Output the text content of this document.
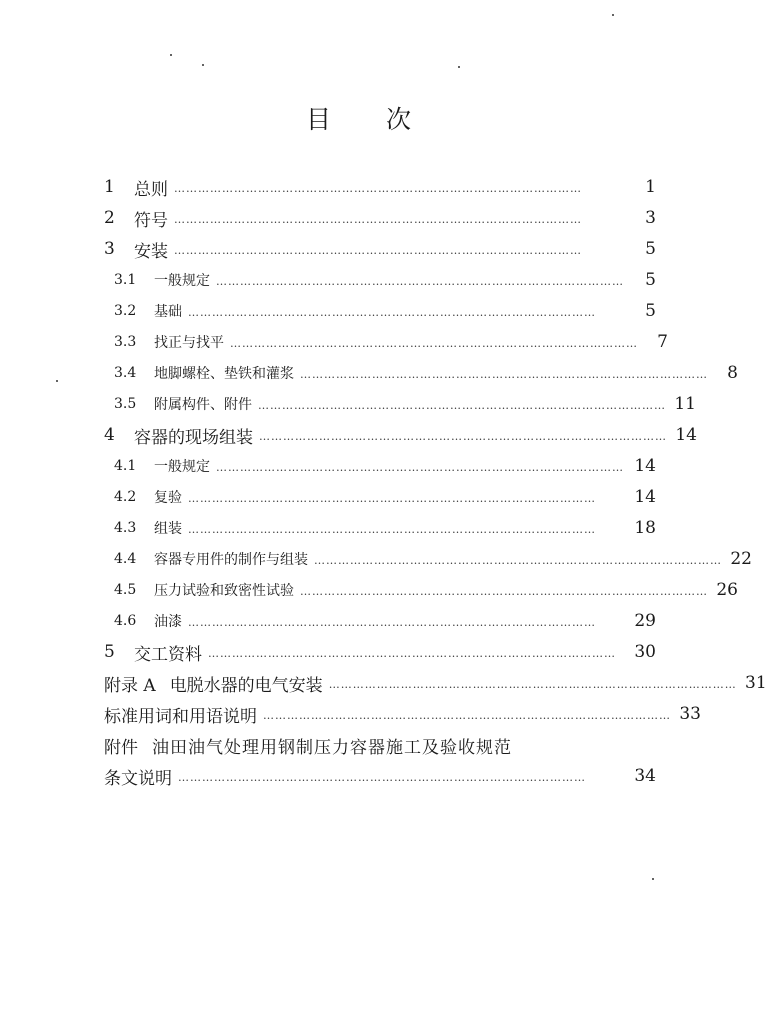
目 次
1	总则 …………………………………………………………………………………………	1
2	符号 …………………………………………………………………………………………	3
3	安装 …………………………………………………………………………………………	5
3.1	一般规定 …………………………………………………………………………………………	5
3.2	基础 …………………………………………………………………………………………	5
3.3	找正与找平 …………………………………………………………………………………………	7
3.4	地脚螺栓、垫铁和灌浆 …………………………………………………………………………………………	8
3.5	附属构件、附件 ………………………………………………………………………………………… 11
4	容器的现场组装 ………………………………………………………………………………………… 14
4.1	一般规定 ………………………………………………………………………………………… 14
4.2	复验 …………………………………………………………………………………………	14
4.3	组装 …………………………………………………………………………………………	18
4.4	容器专用件的制作与组装 ………………………………………………………………………………………… 22
4.5	压力试验和致密性试验 ………………………………………………………………………………………… 26
4.6	油漆 …………………………………………………………………………………………	29
5	交工资料 …………………………………………………………………………………………	30
附录 A 电脱水器的电气安装 ………………………………………………………………………………………… 31
标准用词和用语说明 ………………………………………………………………………………………… 33
附件 油田油气处理用钢制压力容器施工及验收规范
条文说明 …………………………………………………………………………………………	34
